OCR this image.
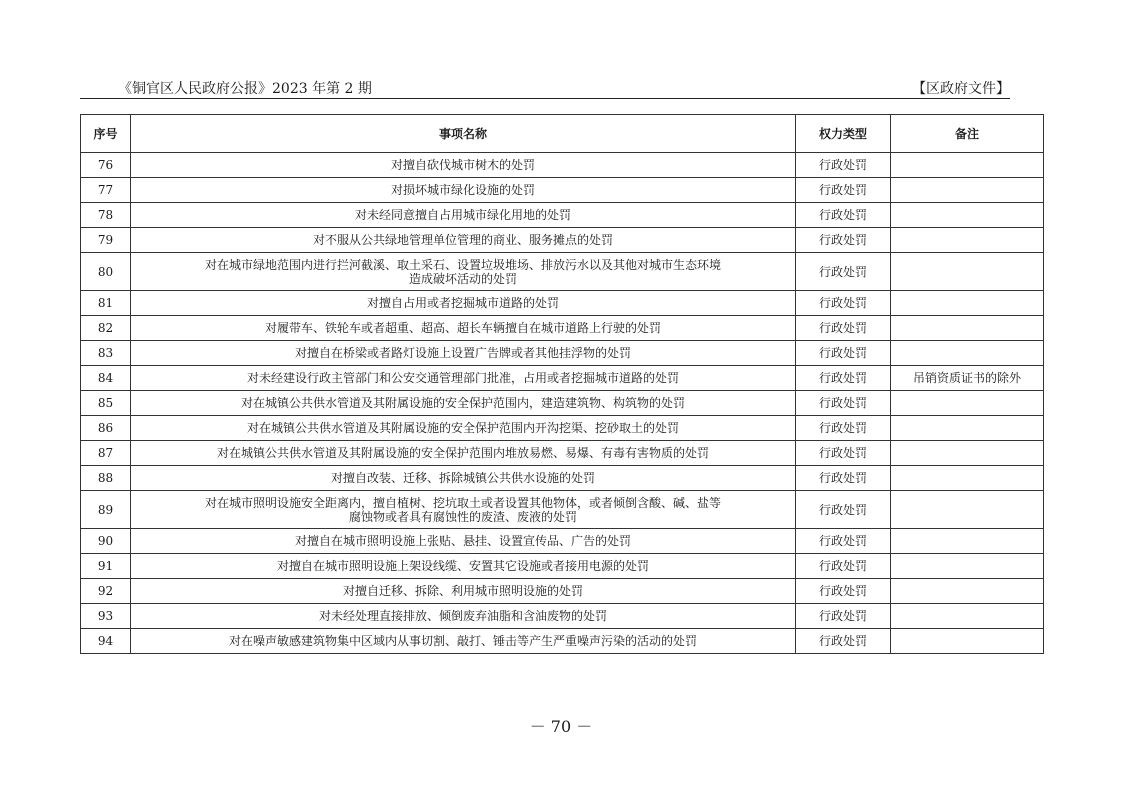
《铜官区人民政府公报》2023 年第 2 期	【区政府文件】
序号	事项名称	权力类型	备注
76	对擅自砍伐城市树木的处罚	行政处罚	
77	对损坏城市绿化设施的处罚	行政处罚	
78	对未经同意擅自占用城市绿化用地的处罚	行政处罚	
79	对不服从公共绿地管理单位管理的商业、服务摊点的处罚	行政处罚	
80	对在城市绿地范围内进行拦河截溪、取土采石、设置垃圾堆场、排放污水以及其他对城市生态环境
造成破坏活动的处罚	行政处罚	
81	对擅自占用或者挖掘城市道路的处罚	行政处罚	
82	对履带车、铁轮车或者超重、超高、超长车辆擅自在城市道路上行驶的处罚	行政处罚	
83	对擅自在桥梁或者路灯设施上设置广告牌或者其他挂浮物的处罚	行政处罚	
84	对未经建设行政主管部门和公安交通管理部门批准，占用或者挖掘城市道路的处罚	行政处罚	吊销资质证书的除外
85	对在城镇公共供水管道及其附属设施的安全保护范围内，建造建筑物、构筑物的处罚	行政处罚	
86	对在城镇公共供水管道及其附属设施的安全保护范围内开沟挖渠、挖砂取土的处罚	行政处罚	
87	对在城镇公共供水管道及其附属设施的安全保护范围内堆放易燃、易爆、有毒有害物质的处罚	行政处罚	
88	对擅自改装、迁移、拆除城镇公共供水设施的处罚	行政处罚	
89	对在城市照明设施安全距离内，擅自植树、挖坑取土或者设置其他物体，或者倾倒含酸、碱、盐等
腐蚀物或者具有腐蚀性的废渣、废液的处罚	行政处罚	
90	对擅自在城市照明设施上张贴、悬挂、设置宣传品、广告的处罚	行政处罚	
91	对擅自在城市照明设施上架设线缆、安置其它设施或者接用电源的处罚	行政处罚	
92	对擅自迁移、拆除、利用城市照明设施的处罚	行政处罚	
93	对未经处理直接排放、倾倒废弃油脂和含油废物的处罚	行政处罚	
94	对在噪声敏感建筑物集中区域内从事切割、敲打、锤击等产生严重噪声污染的活动的处罚	行政处罚	
－ 70 －
